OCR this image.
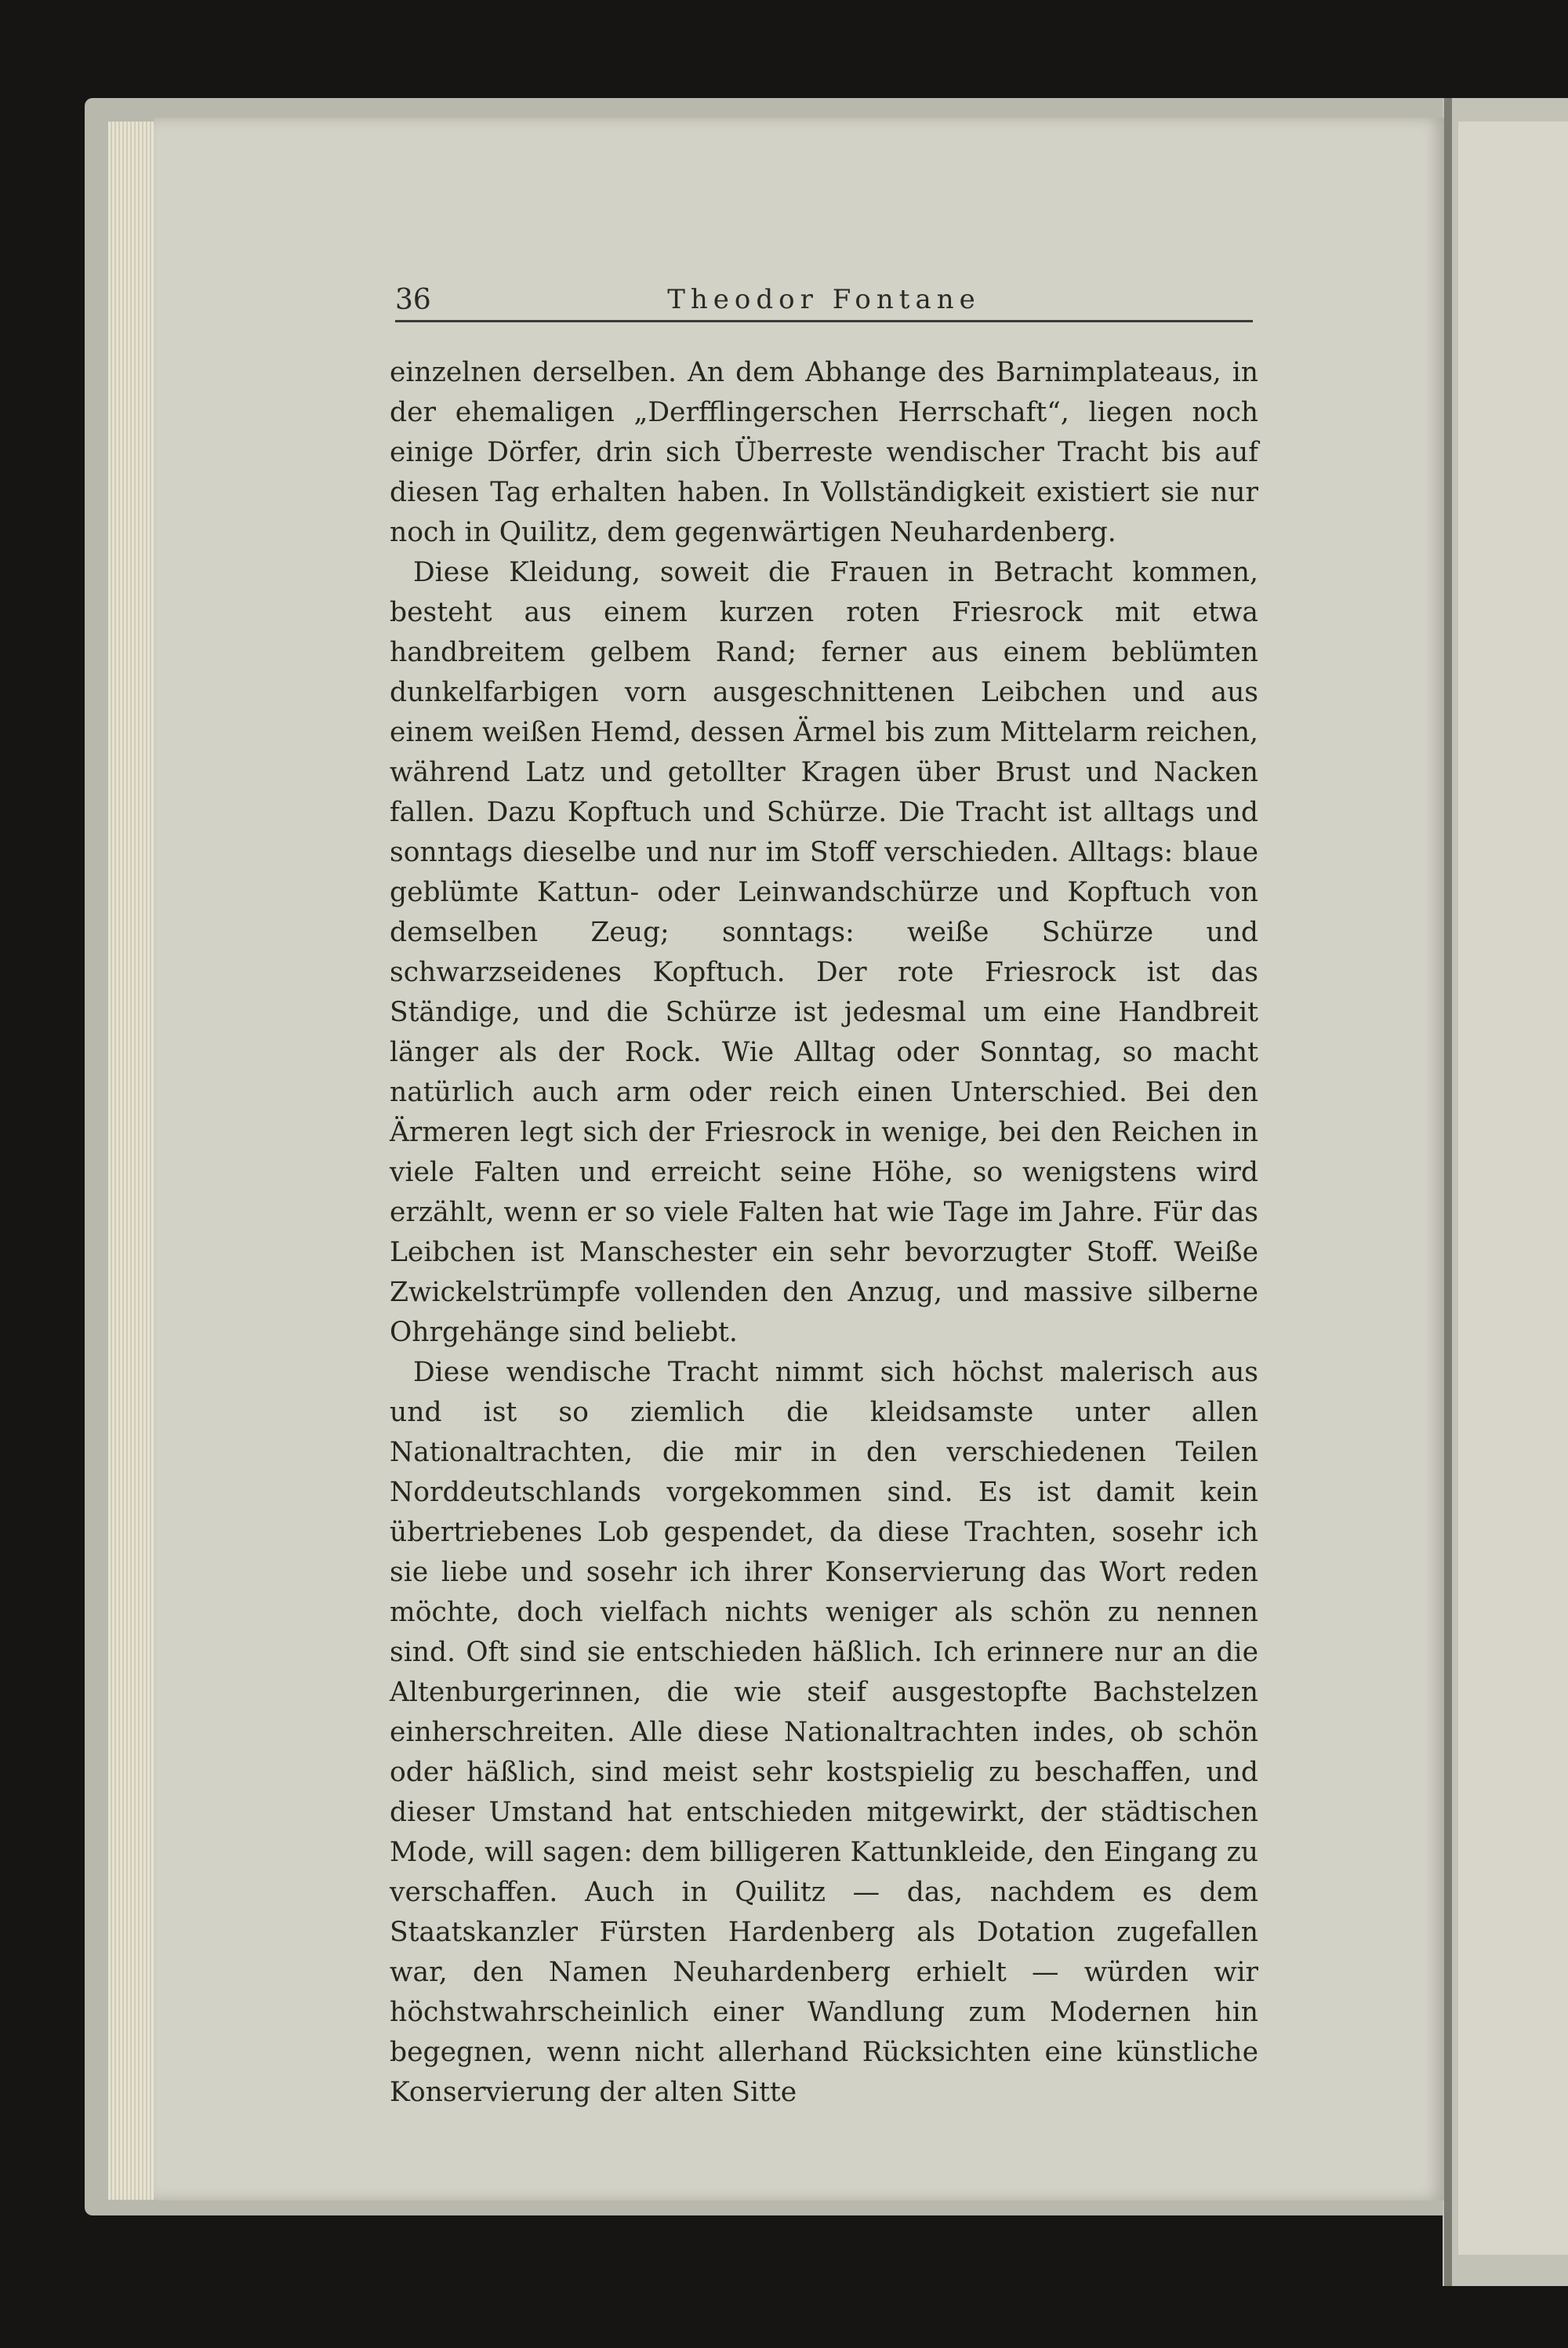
36	Theodor Fontane

einzelnen derselben. An dem Abhange des Barnimplateaus, in der ehemaligen „Derfflingerschen Herrschaft“, liegen noch einige Dörfer, drin sich Überreste wendischer Tracht bis auf diesen Tag erhalten haben. In Vollständigkeit existiert sie nur noch in Quilitz, dem gegenwärtigen Neuhardenberg.

Diese Kleidung, soweit die Frauen in Betracht kommen, besteht aus einem kurzen roten Friesrock mit etwa handbreitem gelbem Rand; ferner aus einem beblümten dunkelfarbigen vorn ausgeschnittenen Leibchen und aus einem weißen Hemd, dessen Ärmel bis zum Mittelarm reichen, während Latz und getollter Kragen über Brust und Nacken fallen. Dazu Kopftuch und Schürze. Die Tracht ist alltags und sonntags dieselbe und nur im Stoff verschieden. Alltags: blaue geblümte Kattun- oder Leinwandschürze und Kopftuch von demselben Zeug; sonntags: weiße Schürze und schwarzseidenes Kopftuch. Der rote Friesrock ist das Ständige, und die Schürze ist jedesmal um eine Handbreit länger als der Rock. Wie Alltag oder Sonntag, so macht natürlich auch arm oder reich einen Unterschied. Bei den Ärmeren legt sich der Friesrock in wenige, bei den Reichen in viele Falten und erreicht seine Höhe, so wenigstens wird erzählt, wenn er so viele Falten hat wie Tage im Jahre. Für das Leibchen ist Manschester ein sehr bevorzugter Stoff. Weiße Zwickelstrümpfe vollenden den Anzug, und massive silberne Ohrgehänge sind beliebt.

Diese wendische Tracht nimmt sich höchst malerisch aus und ist so ziemlich die kleidsamste unter allen Nationaltrachten, die mir in den verschiedenen Teilen Norddeutschlands vorgekommen sind. Es ist damit kein übertriebenes Lob gespendet, da diese Trachten, sosehr ich sie liebe und sosehr ich ihrer Konservierung das Wort reden möchte, doch vielfach nichts weniger als schön zu nennen sind. Oft sind sie entschieden häßlich. Ich erinnere nur an die Altenburgerinnen, die wie steif ausgestopfte Bachstelzen einherschreiten. Alle diese Nationaltrachten indes, ob schön oder häßlich, sind meist sehr kostspielig zu beschaffen, und dieser Umstand hat entschieden mitgewirkt, der städtischen Mode, will sagen: dem billigeren Kattunkleide, den Eingang zu verschaffen. Auch in Quilitz — das, nachdem es dem Staatskanzler Fürsten Hardenberg als Dotation zugefallen war, den Namen Neuhardenberg erhielt — würden wir höchstwahrscheinlich einer Wandlung zum Modernen hin begegnen, wenn nicht allerhand Rücksichten eine künstliche Konservierung der alten Sitte
